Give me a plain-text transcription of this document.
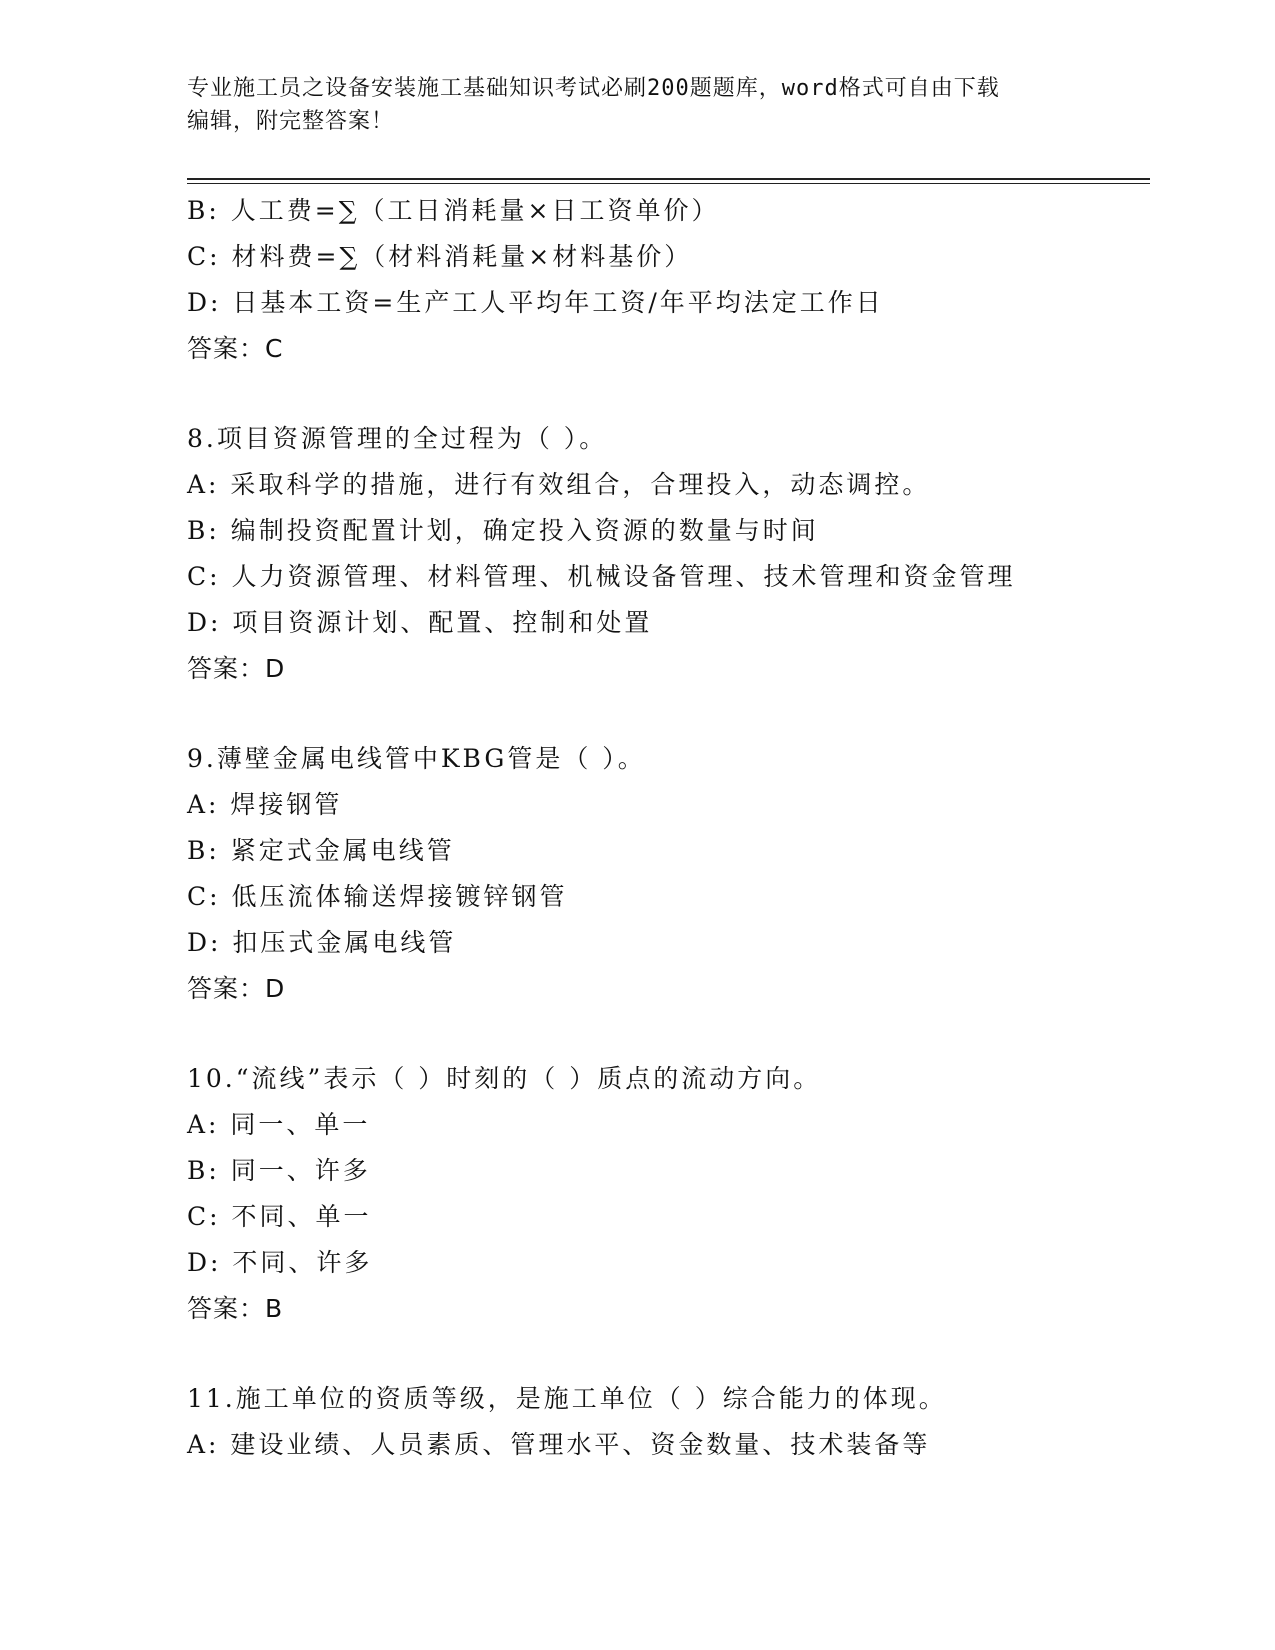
专业施工员之设备安装施工基础知识考试必刷200题题库，word格式可自由下载
编辑，附完整答案！
B: 人工费=∑（工日消耗量×日工资单价）
C: 材料费=∑（材料消耗量×材料基价）
D: 日基本工资=生产工人平均年工资/年平均法定工作日
答案：C
8.项目资源管理的全过程为（ ）。
A: 采取科学的措施，进行有效组合，合理投入，动态调控。
B: 编制投资配置计划，确定投入资源的数量与时间
C: 人力资源管理、材料管理、机械设备管理、技术管理和资金管理
D: 项目资源计划、配置、控制和处置
答案：D
9.薄壁金属电线管中KBG管是（ ）。
A: 焊接钢管
B: 紧定式金属电线管
C: 低压流体输送焊接镀锌钢管
D: 扣压式金属电线管
答案：D
10.“流线”表示（ ）时刻的（ ）质点的流动方向。
A: 同一、单一
B: 同一、许多
C: 不同、单一
D: 不同、许多
答案：B
11.施工单位的资质等级，是施工单位（ ）综合能力的体现。
A: 建设业绩、人员素质、管理水平、资金数量、技术装备等
